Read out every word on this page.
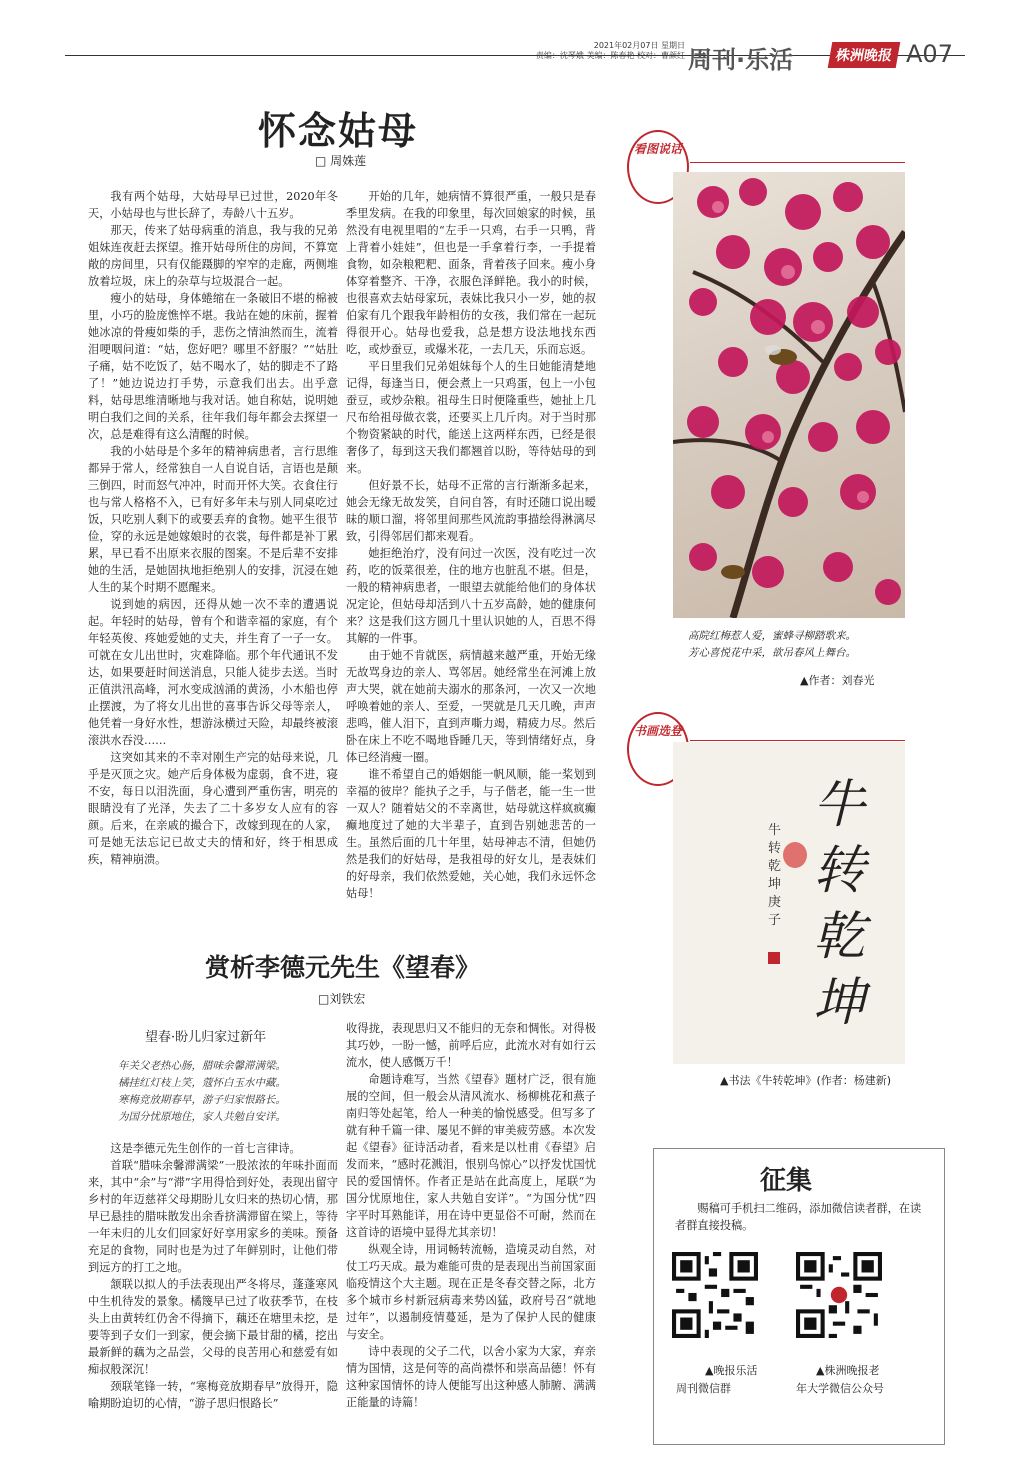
2021年02月07日 星期日
责编：沈琴娥 美编：陈春艳 校对：曹颜红 周刊·乐活	株洲晚报 A07
怀念姑母
□ 周姝莲

我有两个姑母，大姑母早已过世，2020年冬天，小姑母也与世长辞了，寿龄八十五岁。

那天，传来了姑母病重的消息，我与我的兄弟姐妹连夜赶去探望。推开姑母所住的房间，不算宽敞的房间里，只有仅能蹑脚的窄窄的走廊，两侧堆放着垃圾，床上的杂草与垃圾混合一起。

瘦小的姑母，身体蜷缩在一条破旧不堪的棉被里，小巧的脸庞憔悴不堪。我站在她的床前，握着她冰凉的骨瘦如柴的手，悲伤之情油然而生，流着泪哽咽问道：“姑，您好吧？哪里不舒服？”“姑肚子痛，姑不吃饭了，姑不喝水了，姑的脚走不了路了！”她边说边打手势，示意我们出去。出乎意料，姑母思维清晰地与我对话。她自称姑，说明她明白我们之间的关系，往年我们每年都会去探望一次，总是难得有这么清醒的时候。

我的小姑母是个多年的精神病患者，言行思维都异于常人，经常独自一人自说自话，言语也是颠三倒四，时而怒气冲冲，时而开怀大笑。衣食住行也与常人格格不入，已有好多年未与别人同桌吃过饭，只吃别人剩下的或要丢弃的食物。她平生很节俭，穿的永远是她嫁娘时的衣裳，每件都是补丁累累，早已看不出原来衣服的图案。不是后辈不安排她的生活，是她固执地拒绝别人的安排，沉浸在她人生的某个时期不愿醒来。

说到她的病因，还得从她一次不幸的遭遇说起。年轻时的姑母，曾有个和谐幸福的家庭，有个年轻英俊、疼她爱她的丈夫，并生育了一子一女。可就在女儿出世时，灾难降临。那个年代通讯不发达，如果要赶时间送消息，只能人徒步去送。当时正值洪汛高峰，河水变成汹涌的黄汤，小木船也停止摆渡，为了将女儿出世的喜事告诉父母等亲人，他凭着一身好水性，想游泳横过天险，却最终被滚滚洪水吞没……

这突如其来的不幸对刚生产完的姑母来说，几乎是灭顶之灾。她产后身体极为虚弱，食不进，寝不安，每日以泪洗面，身心遭到严重伤害，明亮的眼睛没有了光泽，失去了二十多岁女人应有的容颜。后来，在亲戚的撮合下，改嫁到现在的人家，可是她无法忘记已故丈夫的情和好，终于相思成疾，精神崩溃。

开始的几年，她病情不算很严重，一般只是春季里发病。在我的印象里，每次回娘家的时候，虽然没有电视里唱的“左手一只鸡，右手一只鸭，背上背着小娃娃”，但也是一手拿着行李，一手提着食物，如杂粮粑粑、面条，背着孩子回来。瘦小身体穿着整齐、干净，衣服色泽鲜艳。我小的时候，也很喜欢去姑母家玩，表妹比我只小一岁，她的叔伯家有几个跟我年龄相仿的女孩，我们常在一起玩得很开心。姑母也爱我，总是想方设法地找东西吃，或炒蚕豆，或爆米花，一去几天，乐而忘返。

平日里我们兄弟姐妹每个人的生日她能清楚地记得，每逢当日，便会煮上一只鸡蛋，包上一小包蚕豆，或炒杂粮。祖母生日时便隆重些，她扯上几尺布给祖母做衣裳，还要买上几斤肉。对于当时那个物资紧缺的时代，能送上这两样东西，已经是很奢侈了，每到这天我们都翘首以盼，等待姑母的到来。

但好景不长，姑母不正常的言行渐渐多起来，她会无缘无故发笑，自问自答，有时还随口说出暧昧的顺口溜，将邻里间那些风流韵事描绘得淋漓尽致，引得邻居们都来观看。

她拒绝治疗，没有问过一次医，没有吃过一次药，吃的饭菜很差，住的地方也脏乱不堪。但是，一般的精神病患者，一眼望去就能给他们的身体状况定论，但姑母却活到八十五岁高龄，她的健康何来？这是我们这方圆几十里认识她的人，百思不得其解的一件事。

由于她不肯就医，病情越来越严重，开始无缘无故骂身边的亲人、骂邻居。她经常坐在河滩上放声大哭，就在她前夫溺水的那条河，一次又一次地呼唤着她的亲人、至爱，一哭就是几天几晚，声声悲鸣，催人泪下，直到声嘶力竭，精疲力尽。然后卧在床上不吃不喝地昏睡几天，等到情绪好点，身体已经消瘦一圈。

谁不希望自己的婚姻能一帆风顺，能一桨划到幸福的彼岸？能执子之手，与子偕老，能一生一世一双人？随着姑父的不幸离世，姑母就这样疯疯癫癫地度过了她的大半辈子，直到告别她悲苦的一生。虽然后面的几十年里，姑母神志不清，但她仍然是我们的好姑母，是我祖母的好女儿，是表妹们的好母亲，我们依然爱她，关心她，我们永远怀念姑母！

看图说话
高院红梅惹人爱，蜜蜂寻柳踏歌来。
芳心喜悦花中采，欲吊春风上舞台。
▲作者：刘春光
书画选登
牛转乾坤
牛转乾坤 庚子
▲书法《牛转乾坤》(作者：杨建新)
赏析李德元先生《望春》
□刘铁宏
望春·盼儿归家过新年
年关父老热心肠，腊味余馨滞满梁。
橘挂红灯枝上笑，蔻怀白玉水中藏。
寒梅竞放期春早，游子归家恨路长。
为国分忧原地住，家人共勉自安详。

这是李德元先生创作的一首七言律诗。

首联“腊味余馨滞满梁”一股浓浓的年味扑面而来，其中“余”与“滞”字用得恰到好处，表现出留守乡村的年迈慈祥父母期盼儿女归来的热切心情，那早已悬挂的腊味散发出余香挤满滞留在梁上，等待一年未归的儿女们回家好好享用家乡的美味。预备充足的食物，同时也是为过了年鲜别时，让他们带到远方的打工之地。

颔联以拟人的手法表现出严冬将尽，蓬蓬寒风中生机待发的景象。橘篾早已过了收获季节，在枝头上由黄转红仍舍不得摘下，藕还在塘里未挖，是要等到子女们一到家，便会摘下最甘甜的橘，挖出最新鲜的藕为之品尝，父母的良苦用心和慈爱有如痴叔般深沉！

颈联笔锋一转，“寒梅竞放期春早”放得开，隐喻期盼迫切的心情，“游子思归恨路长”

收得拢，表现思归又不能归的无奈和惆怅。对得极其巧妙，一盼一憾，前呼后应，此流水对有如行云流水，使人感慨万千！

命题诗难写，当然《望春》题材广泛，很有施展的空间，但一般会从清风流水、杨柳桃花和燕子南归等处起笔，给人一种美的愉悦感受。但写多了就有种千篇一律、屡见不鲜的审美疲劳感。本次发起《望春》征诗活动者，看来是以杜甫《春望》启发而来，“感时花溅泪，恨别鸟惊心”以抒发忧国忧民的爱国情怀。作者正是站在此高度上，尾联“为国分忧原地住，家人共勉自安详”。“为国分忧”四字平时耳熟能详，用在诗中更显俗不可耐，然而在这首诗的语境中显得尤其亲切！

纵观全诗，用词畅转流畅，造境灵动自然，对仗工巧天成。最为难能可贵的是表现出当前国家面临疫情这个大主题。现在正是冬春交替之际，北方多个城市乡村新冠病毒来势凶猛，政府号召“就地过年”，以遏制疫情蔓延，是为了保护人民的健康与安全。

诗中表现的父子二代，以舍小家为大家，弃亲情为国情，这是何等的高尚襟怀和崇高品德！怀有这种家国情怀的诗人便能写出这种感人肺腑、满满正能量的诗篇！

征集
赐稿可手机扫二维码，添加微信读者群，在读者群直接投稿。
▲晚报乐活
周刊微信群
▲株洲晚报老
年大学微信公众号
